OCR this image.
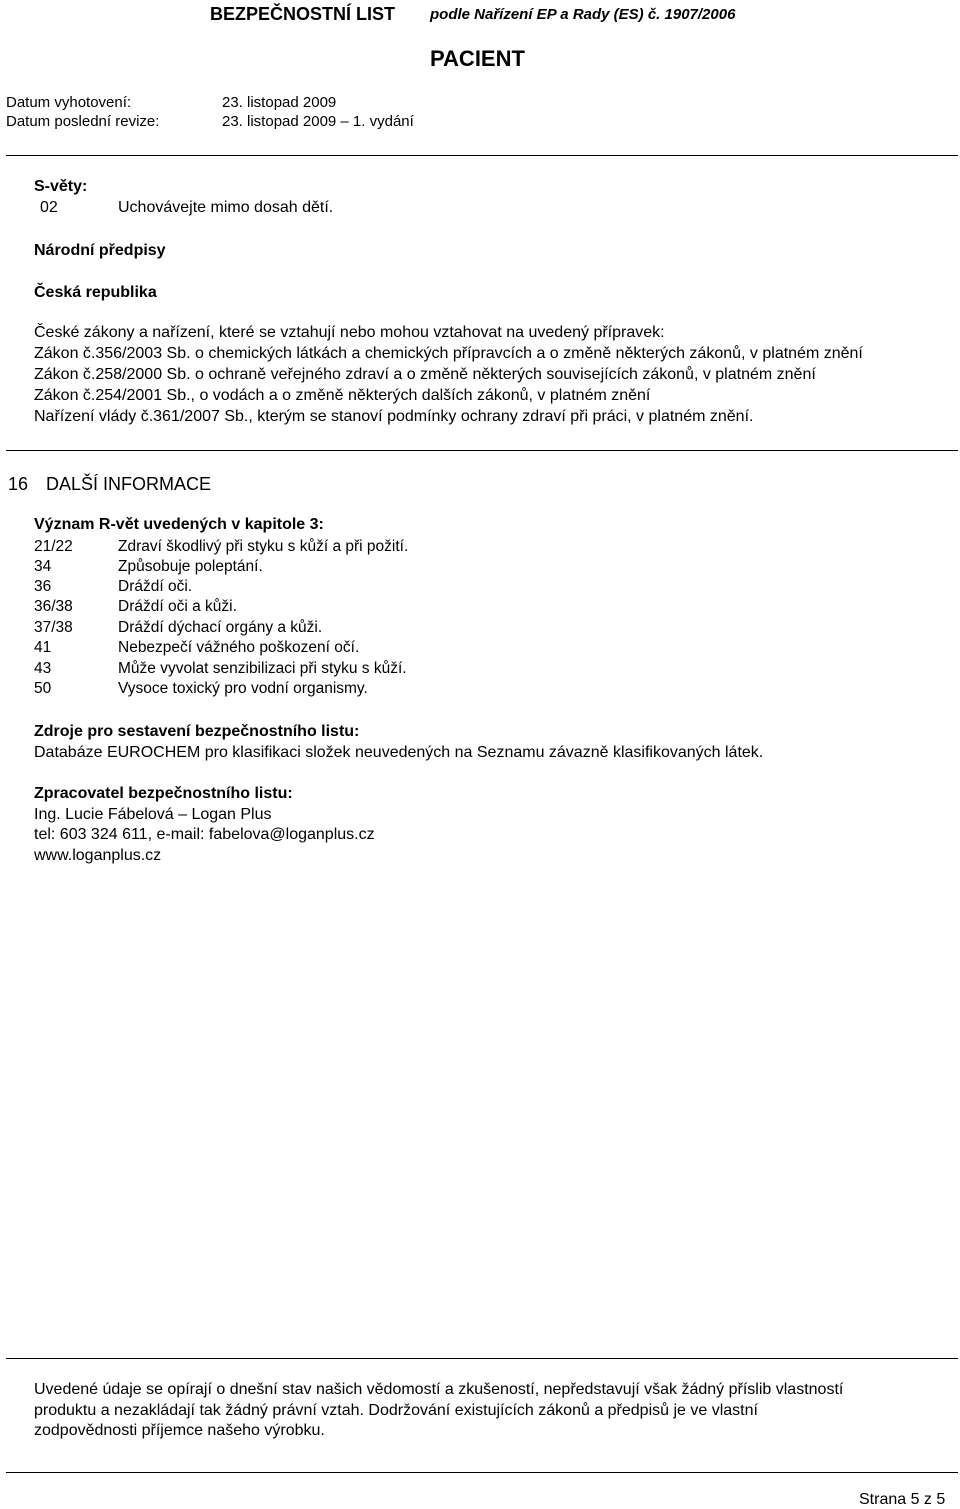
BEZPEČNOSTNÍ LIST podle Nařízení EP a Rady (ES) č. 1907/2006
PACIENT
Datum vyhotovení:	23. listopad 2009
Datum poslední revize:	23. listopad 2009 – 1. vydání
S-věty:
02	Uchovávejte mimo dosah dětí.
Národní předpisy
Česká republika
České zákony a nařízení, které se vztahují nebo mohou vztahovat na uvedený přípravek:
Zákon č.356/2003 Sb. o chemických látkách a chemických přípravcích a o změně některých zákonů, v platném znění
Zákon č.258/2000 Sb. o ochraně veřejného zdraví a o změně některých souvisejících zákonů, v platném znění
Zákon č.254/2001 Sb., o vodách a o změně některých dalších zákonů, v platném znění
Nařízení vlády č.361/2007 Sb., kterým se stanoví podmínky ochrany zdraví při práci, v platném znění.
16 DALŠÍ INFORMACE
Význam R-vět uvedených v kapitole 3:
21/22	Zdraví škodlivý při styku s kůží a při požití.
34	Způsobuje poleptání.
36	Dráždí oči.
36/38	Dráždí oči a kůži.
37/38	Dráždí dýchací orgány a kůži.
41	Nebezpečí vážného poškození očí.
43	Může vyvolat senzibilizaci při styku s kůží.
50	Vysoce toxický pro vodní organismy.
Zdroje pro sestavení bezpečnostního listu:
Databáze EUROCHEM pro klasifikaci složek neuvedených na Seznamu závazně klasifikovaných látek.
Zpracovatel bezpečnostního listu:
Ing. Lucie Fábelová – Logan Plus
tel: 603 324 611, e-mail: fabelova@loganplus.cz
www.loganplus.cz
Uvedené údaje se opírají o dnešní stav našich vědomostí a zkušeností, nepředstavují však žádný příslib vlastností
produktu a nezakládají tak žádný právní vztah. Dodržování existujících zákonů a předpisů je ve vlastní
zodpovědnosti příjemce našeho výrobku.
Strana 5 z 5
